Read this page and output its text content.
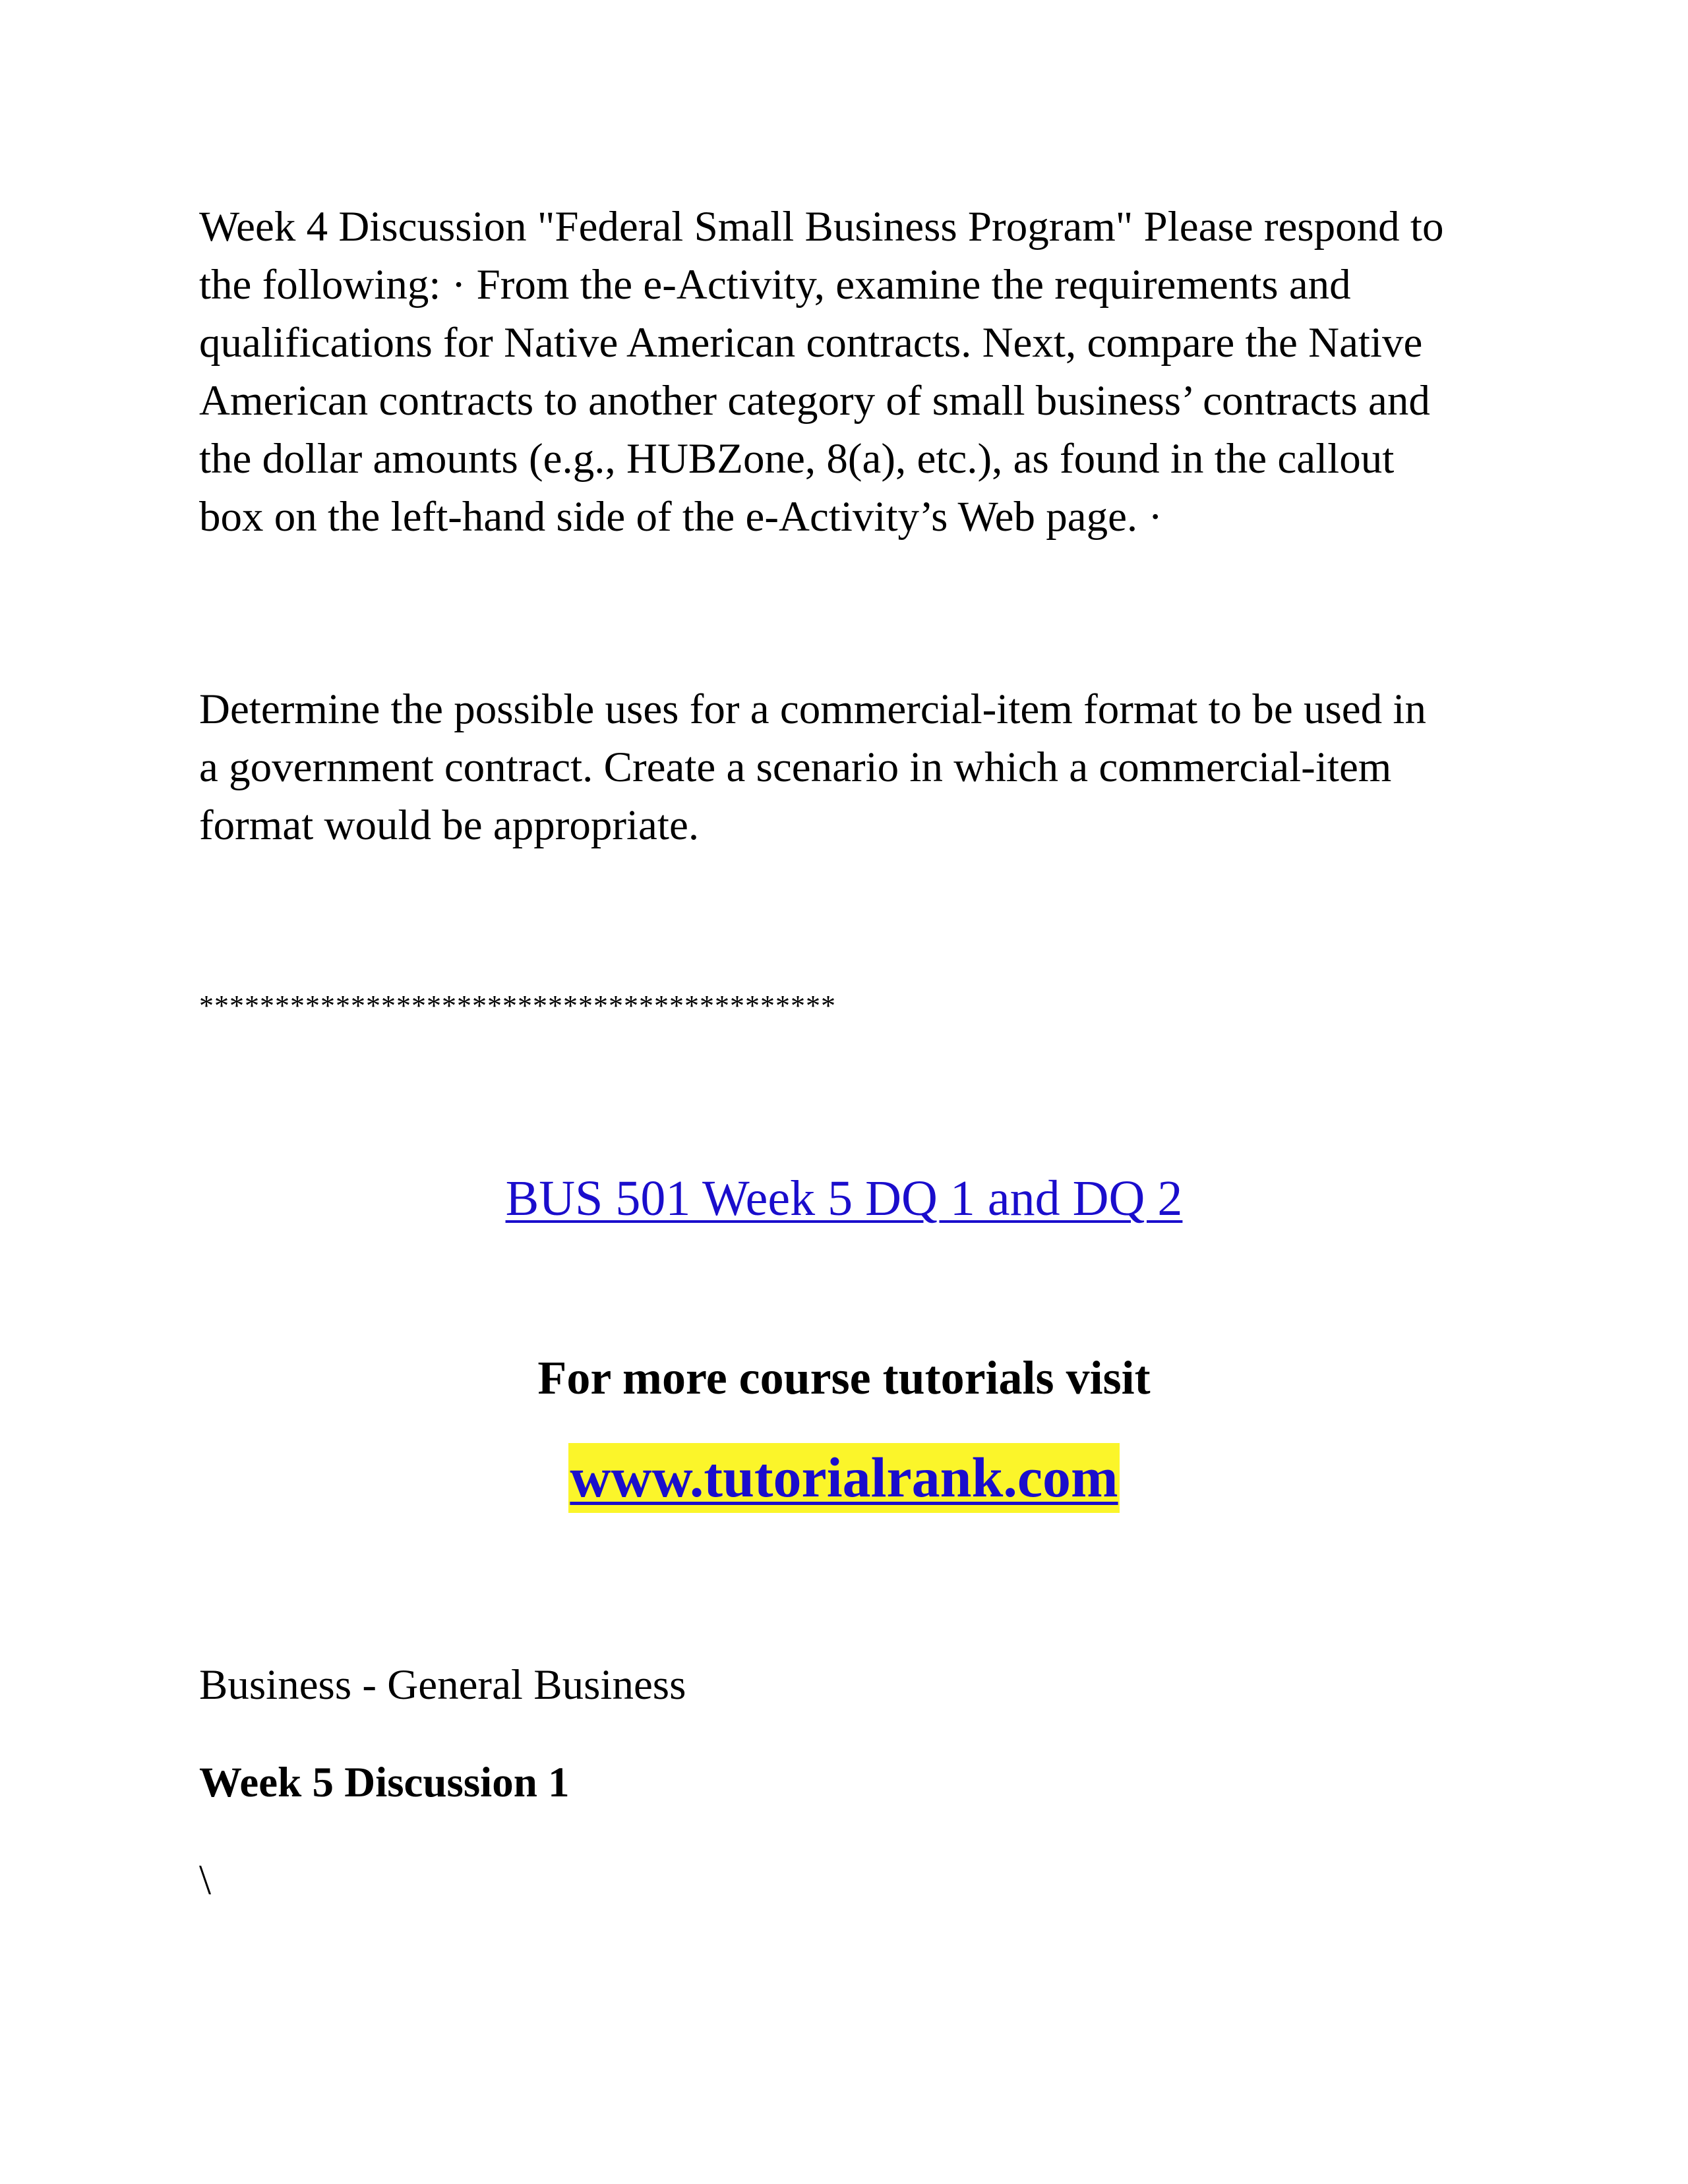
Week 4 Discussion "Federal Small Business Program" Please respond to
the following: · From the e-Activity, examine the requirements and
qualifications for Native American contracts. Next, compare the Native
American contracts to another category of small business’ contracts and
the dollar amounts (e.g., HUBZone, 8(a), etc.), as found in the callout
box on the left-hand side of the e-Activity’s Web page. ·
Determine the possible uses for a commercial-item format to be used in
a government contract. Create a scenario in which a commercial-item
format would be appropriate.
******************************************
BUS 501 Week 5 DQ 1 and DQ 2
For more course tutorials visit
www.tutorialrank.com
Business - General Business
Week 5 Discussion 1
\
